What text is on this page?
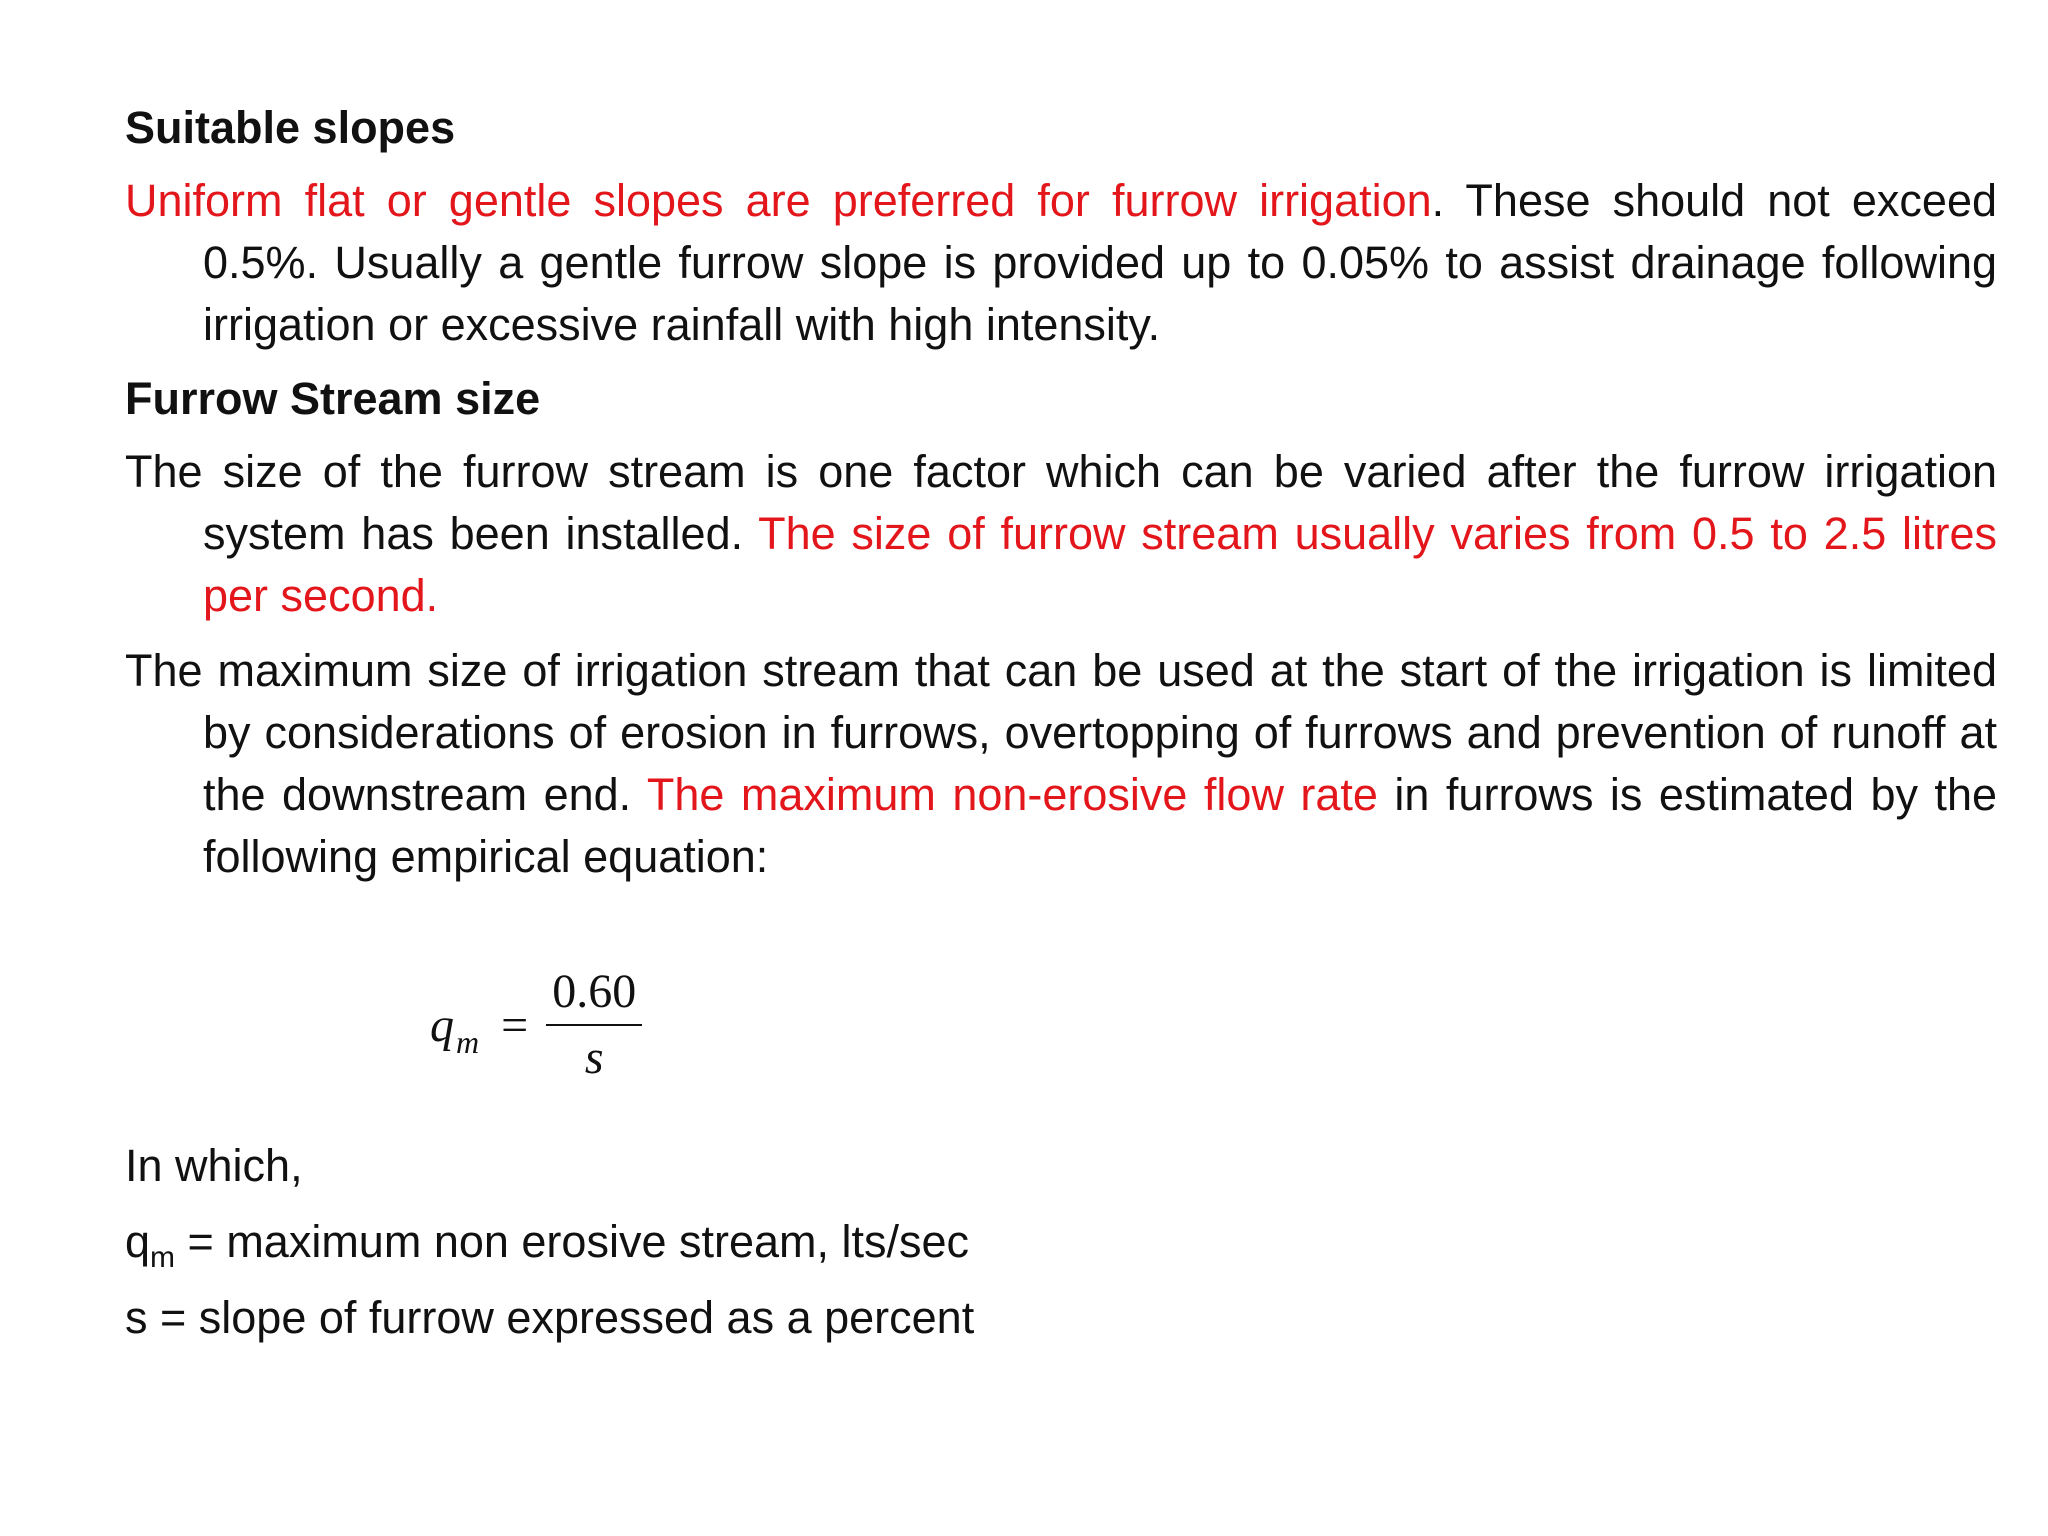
Suitable slopes

Uniform flat or gentle slopes are preferred for furrow irrigation. These should not exceed 0.5%. Usually a gentle furrow slope is provided up to 0.05% to assist drainage following irrigation or excessive rainfall with high intensity.

Furrow Stream size

The size of the furrow stream is one factor which can be varied after the furrow irrigation system has been installed. The size of furrow stream usually varies from 0.5 to 2.5 litres per second.

The maximum size of irrigation stream that can be used at the start of the irrigation is limited by considerations of erosion in furrows, overtopping of furrows and prevention of runoff at the downstream end. The maximum non-erosive flow rate in furrows is estimated by the following empirical equation:

q $m = \frac{0.60}{s}$

In which,

$q_m$ = maximum non erosive stream, lts/sec

s = slope of furrow expressed as a percent
